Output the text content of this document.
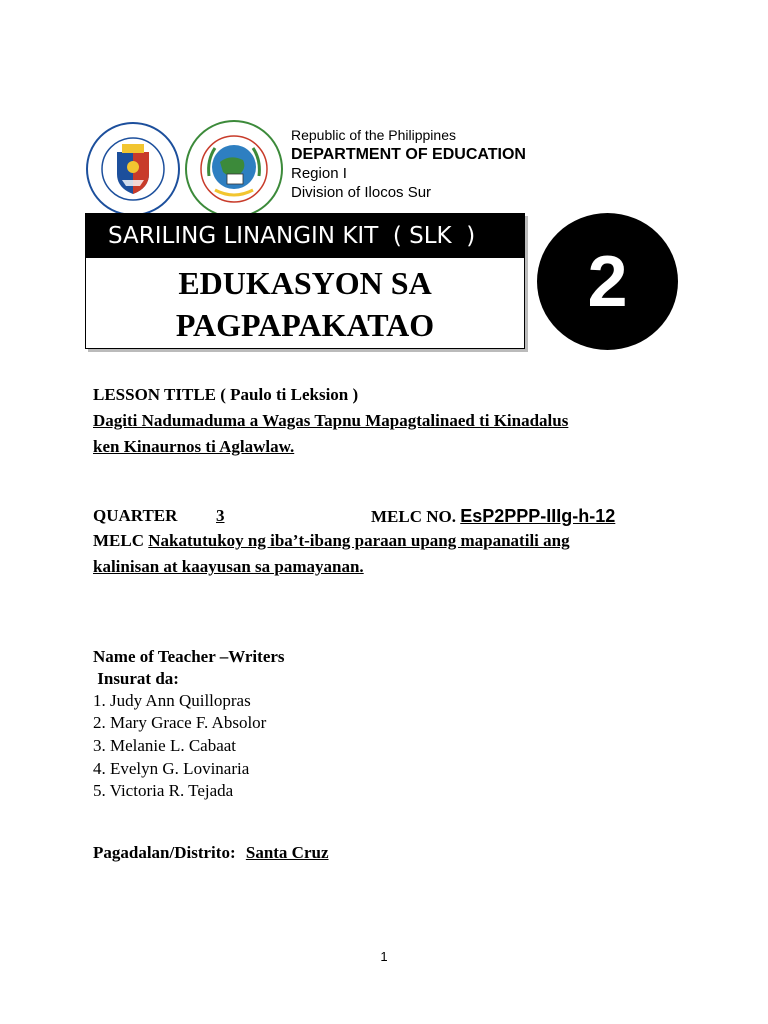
Republic of the Philippines
DEPARTMENT OF EDUCATION
Region I
Division of Ilocos Sur
SARILING LINANGIN KIT  ( SLK  )
EDUKASYON SA
PAGPAPAKATAO
2
LESSON TITLE ( Paulo ti Leksion )
Dagiti Nadumaduma a Wagas Tapnu Mapagtalinaed ti Kinadalus
ken Kinaurnos ti Aglawlaw.
QUARTER 3	MELC NO. EsP2PPP-IIIg-h-12
MELC Nakatutukoy ng iba’t-ibang paraan upang mapanatili ang
kalinisan at kaayusan sa pamayanan.
Name of Teacher –Writers
Insurat da:
1. Judy Ann Quillopras
2. Mary Grace F. Absolor
3. Melanie L. Cabaat
4. Evelyn G. Lovinaria
5. Victoria R. Tejada
Pagadalan/Distrito: Santa Cruz
1
